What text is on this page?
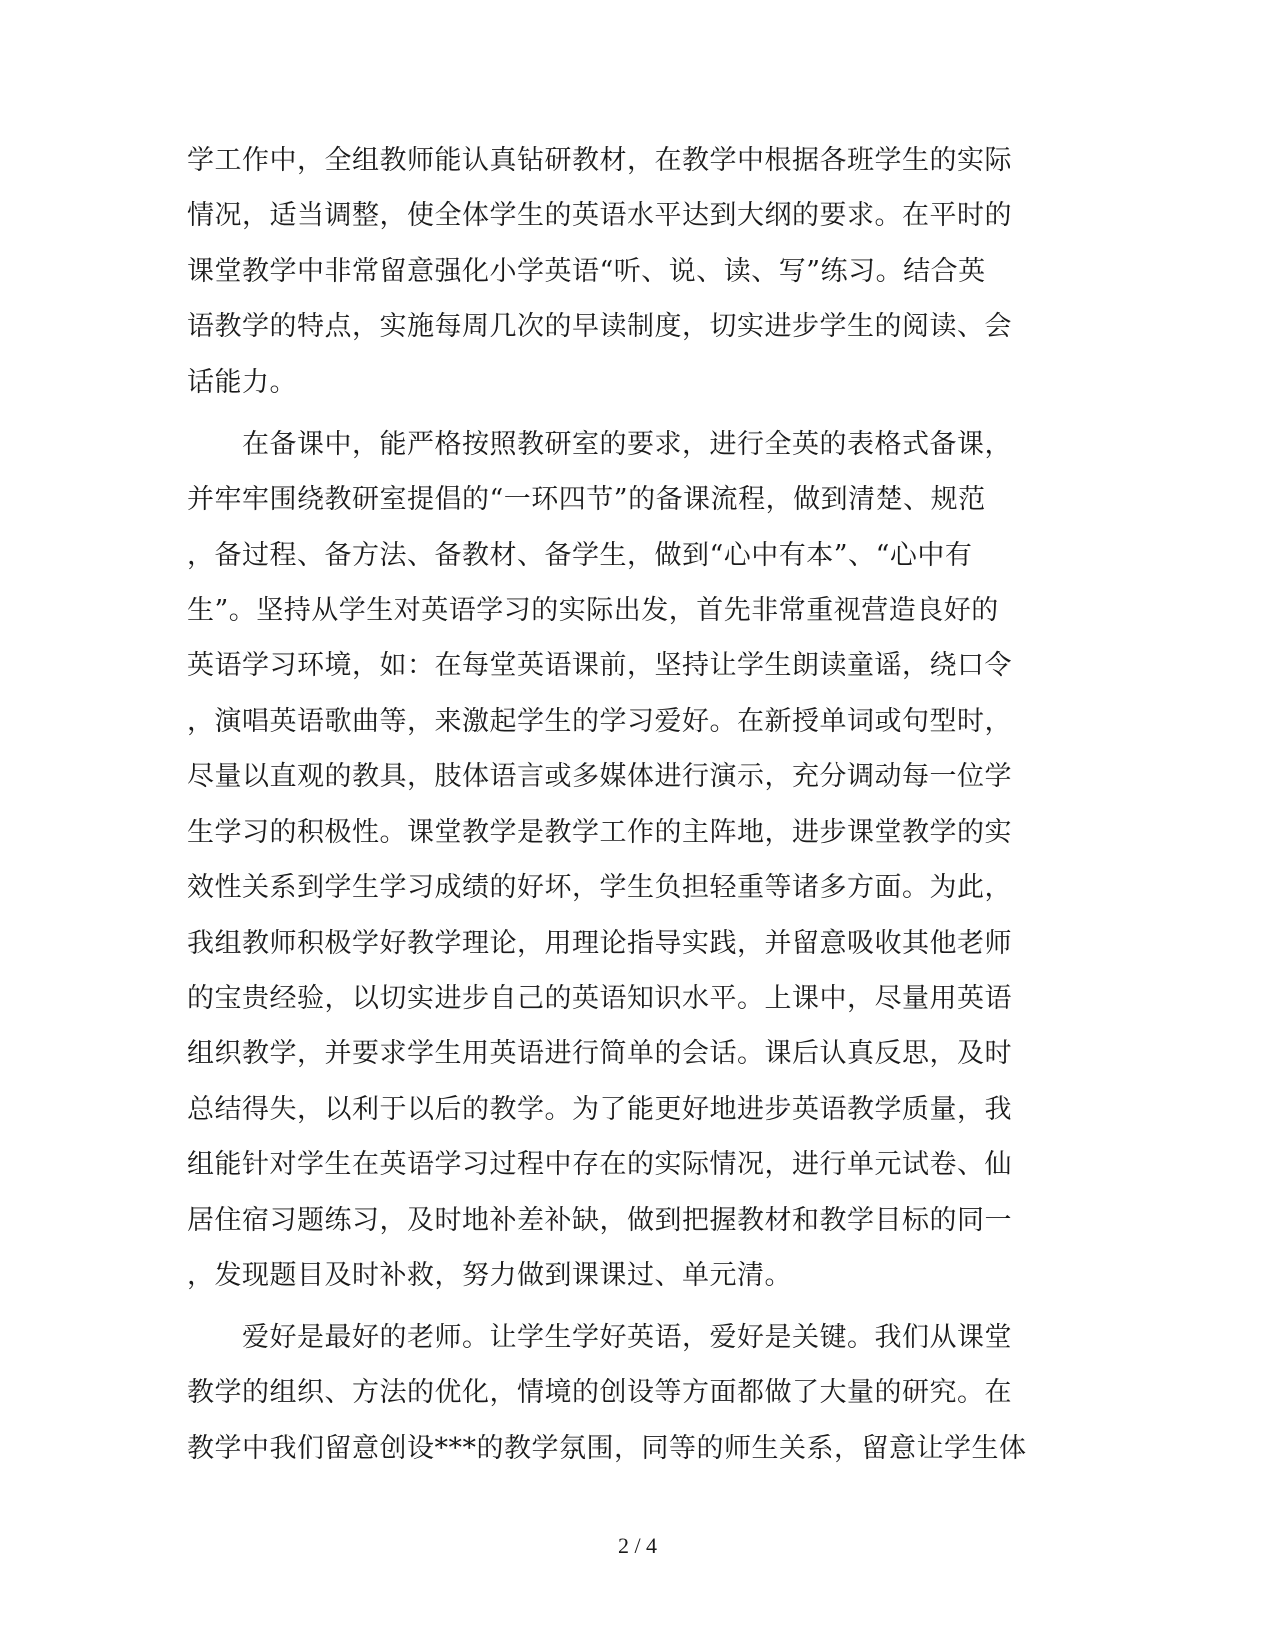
学工作中，全组教师能认真钻研教材，在教学中根据各班学生的实际
情况，适当调整，使全体学生的英语水平达到大纲的要求。在平时的
课堂教学中非常留意强化小学英语“听、说、读、写”练习。结合英
语教学的特点，实施每周几次的早读制度，切实进步学生的阅读、会
话能力。
　　在备课中，能严格按照教研室的要求，进行全英的表格式备课，
并牢牢围绕教研室提倡的“一环四节”的备课流程，做到清楚、规范
，备过程、备方法、备教材、备学生，做到“心中有本”、“心中有
生”。坚持从学生对英语学习的实际出发，首先非常重视营造良好的
英语学习环境，如：在每堂英语课前，坚持让学生朗读童谣，绕口令
，演唱英语歌曲等，来激起学生的学习爱好。在新授单词或句型时，
尽量以直观的教具，肢体语言或多媒体进行演示，充分调动每一位学
生学习的积极性。课堂教学是教学工作的主阵地，进步课堂教学的实
效性关系到学生学习成绩的好坏，学生负担轻重等诸多方面。为此，
我组教师积极学好教学理论，用理论指导实践，并留意吸收其他老师
的宝贵经验，以切实进步自己的英语知识水平。上课中，尽量用英语
组织教学，并要求学生用英语进行简单的会话。课后认真反思，及时
总结得失，以利于以后的教学。为了能更好地进步英语教学质量，我
组能针对学生在英语学习过程中存在的实际情况，进行单元试卷、仙
居住宿习题练习，及时地补差补缺，做到把握教材和教学目标的同一
，发现题目及时补救，努力做到课课过、单元清。
　　爱好是最好的老师。让学生学好英语，爱好是关键。我们从课堂
教学的组织、方法的优化，情境的创设等方面都做了大量的研究。在
教学中我们留意创设***的教学氛围，同等的师生关系，留意让学生体
2 / 4
